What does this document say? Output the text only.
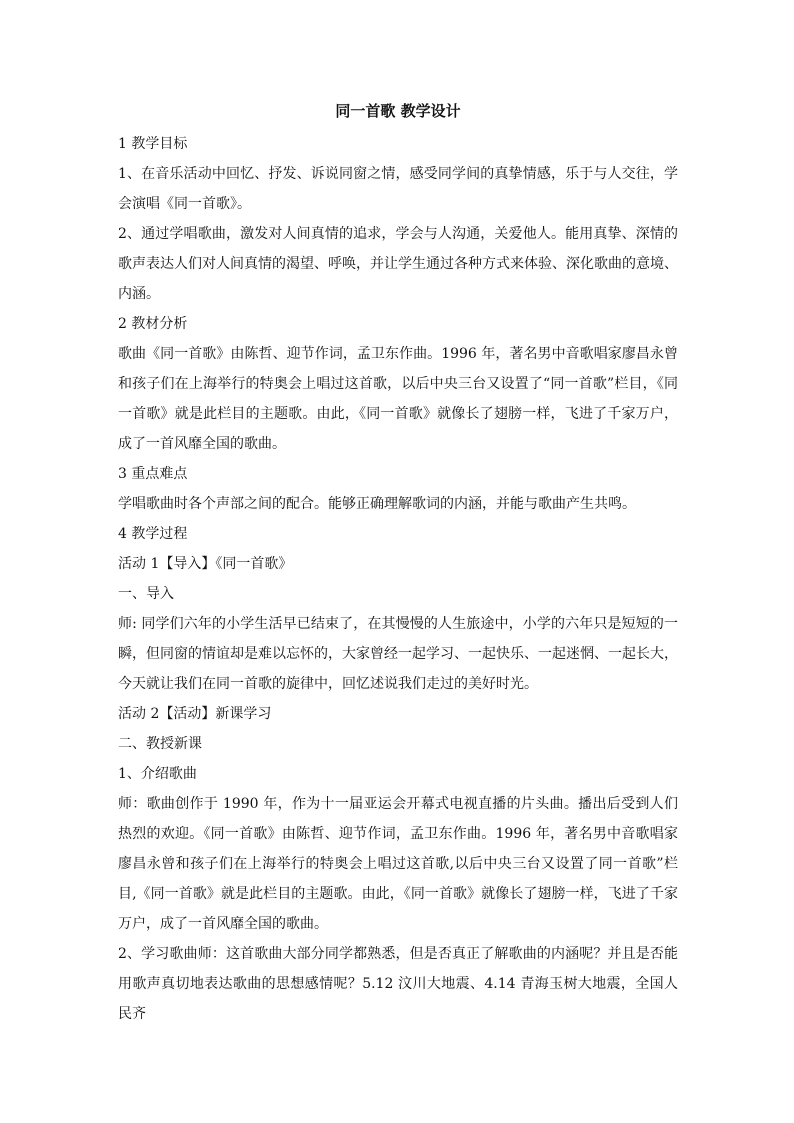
同一首歌 教学设计
1 教学目标
1、在音乐活动中回忆、抒发、诉说同窗之情，感受同学间的真挚情感，乐于与人交往，学会演唱《同一首歌》。
2、通过学唱歌曲，激发对人间真情的追求，学会与人沟通，关爱他人。能用真挚、深情的歌声表达人们对人间真情的渴望、呼唤，并让学生通过各种方式来体验、深化歌曲的意境、内涵。
2 教材分析
歌曲《同一首歌》由陈哲、迎节作词，孟卫东作曲。1996 年，著名男中音歌唱家廖昌永曾和孩子们在上海举行的特奥会上唱过这首歌，以后中央三台又设置了“同一首歌”栏目，《同一首歌》就是此栏目的主题歌。由此，《同一首歌》就像长了翅膀一样，飞进了千家万户，成了一首风靡全国的歌曲。
3 重点难点
学唱歌曲时各个声部之间的配合。能够正确理解歌词的内涵，并能与歌曲产生共鸣。
4 教学过程
活动 1【导入】《同一首歌》
一、导入
师: 同学们六年的小学生活早已结束了，在其慢慢的人生旅途中，小学的六年只是短短的一瞬，但同窗的情谊却是难以忘怀的，大家曾经一起学习、一起快乐、一起迷惘、一起长大，今天就让我们在同一首歌的旋律中，回忆述说我们走过的美好时光。
活动 2【活动】新课学习
二、教授新课
1、介绍歌曲
师：歌曲创作于 1990 年，作为十一届亚运会开幕式电视直播的片头曲。播出后受到人们热烈的欢迎。《同一首歌》由陈哲、迎节作词，孟卫东作曲。1996 年，著名男中音歌唱家廖昌永曾和孩子们在上海举行的特奥会上唱过这首歌,以后中央三台又设置了同一首歌”栏目,《同一首歌》就是此栏目的主题歌。由此，《同一首歌》就像长了翅膀一样，飞进了千家万户，成了一首风靡全国的歌曲。
2、学习歌曲师：这首歌曲大部分同学都熟悉，但是否真正了解歌曲的内涵呢？并且是否能用歌声真切地表达歌曲的思想感情呢？5.12 汶川大地震、4.14 青海玉树大地震，全国人民齐
